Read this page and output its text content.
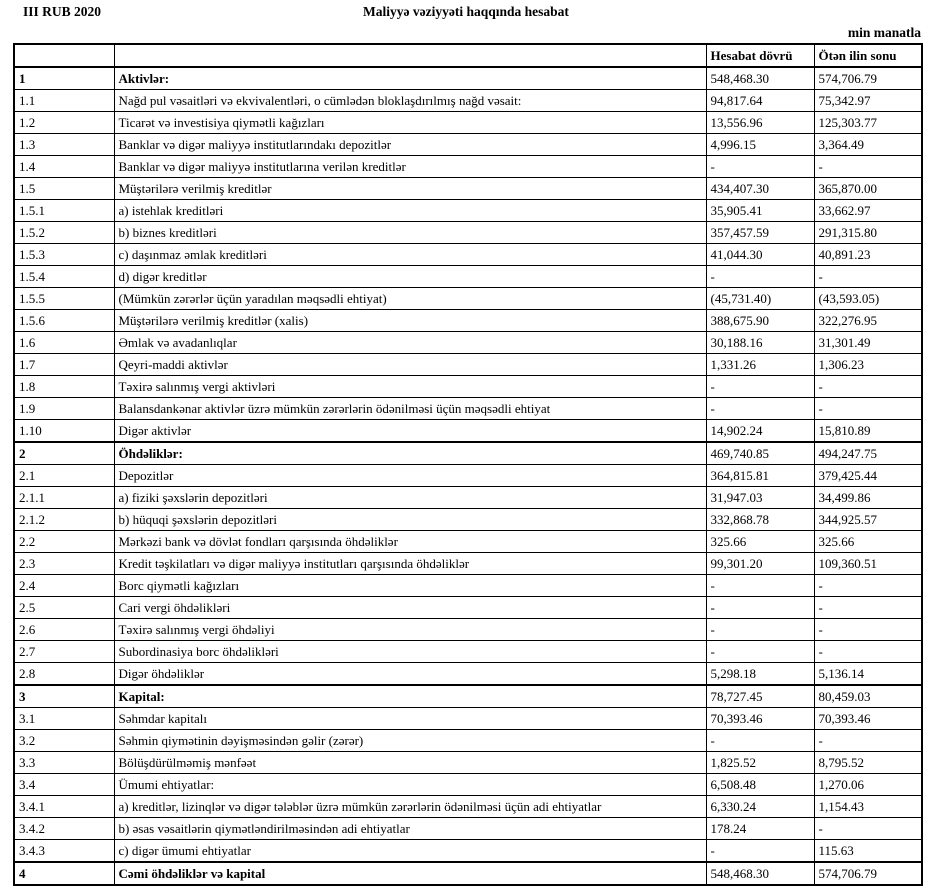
III RUB 2020	Maliyyə vəziyyəti haqqında hesabat
min manatla
		Hesabat dövrü	Ötən ilin sonu
1	Aktivlər:	548,468.30	574,706.79
1.1	Nağd pul vəsaitləri və ekvivalentləri, o cümlədən bloklaşdırılmış nağd vəsait:	94,817.64	75,342.97
1.2	Ticarət və investisiya qiymətli kağızları	13,556.96	125,303.77
1.3	Banklar və digər maliyyə institutlarındakı depozitlər	4,996.15	3,364.49
1.4	Banklar və digər maliyyə institutlarına verilən kreditlər	-	-
1.5	Müştərilərə verilmiş kreditlər	434,407.30	365,870.00
1.5.1	a) istehlak kreditləri	35,905.41	33,662.97
1.5.2	b) biznes kreditləri	357,457.59	291,315.80
1.5.3	c) daşınmaz əmlak kreditləri	41,044.30	40,891.23
1.5.4	d) digər kreditlər	-	-
1.5.5	(Mümkün zərərlər üçün yaradılan məqsədli ehtiyat)	(45,731.40)	(43,593.05)
1.5.6	Müştərilərə verilmiş kreditlər (xalis)	388,675.90	322,276.95
1.6	Əmlak və avadanlıqlar	30,188.16	31,301.49
1.7	Qeyri-maddi aktivlər	1,331.26	1,306.23
1.8	Təxirə salınmış vergi aktivləri	-	-
1.9	Balansdankənar aktivlər üzrə mümkün zərərlərin ödənilməsi üçün məqsədli ehtiyat	-	-
1.10	Digər aktivlər	14,902.24	15,810.89
2	Öhdəliklər:	469,740.85	494,247.75
2.1	Depozitlər	364,815.81	379,425.44
2.1.1	a) fiziki şəxslərin depozitləri	31,947.03	34,499.86
2.1.2	b) hüquqi şəxslərin depozitləri	332,868.78	344,925.57
2.2	Mərkəzi bank və dövlət fondları qarşısında öhdəliklər	325.66	325.66
2.3	Kredit təşkilatları və digər maliyyə institutları qarşısında öhdəliklər	99,301.20	109,360.51
2.4	Borc qiymətli kağızları	-	-
2.5	Cari vergi öhdəlikləri	-	-
2.6	Təxirə salınmış vergi öhdəliyi	-	-
2.7	Subordinasiya borc öhdəlikləri	-	-
2.8	Digər öhdəliklər	5,298.18	5,136.14
3	Kapital:	78,727.45	80,459.03
3.1	Səhmdar kapitalı	70,393.46	70,393.46
3.2	Səhmin qiymətinin dəyişməsindən gəlir (zərər)	-	-
3.3	Bölüşdürülməmiş mənfəət	1,825.52	8,795.52
3.4	Ümumi ehtiyatlar:	6,508.48	1,270.06
3.4.1	a) kreditlər, lizinqlər və digər tələblər üzrə mümkün zərərlərin ödənilməsi üçün adi ehtiyatlar	6,330.24	1,154.43
3.4.2	b) əsas vəsaitlərin qiymətləndirilməsindən adi ehtiyatlar	178.24	-
3.4.3	c) digər ümumi ehtiyatlar	-	115.63
4	Cəmi öhdəliklər və kapital	548,468.30	574,706.79
